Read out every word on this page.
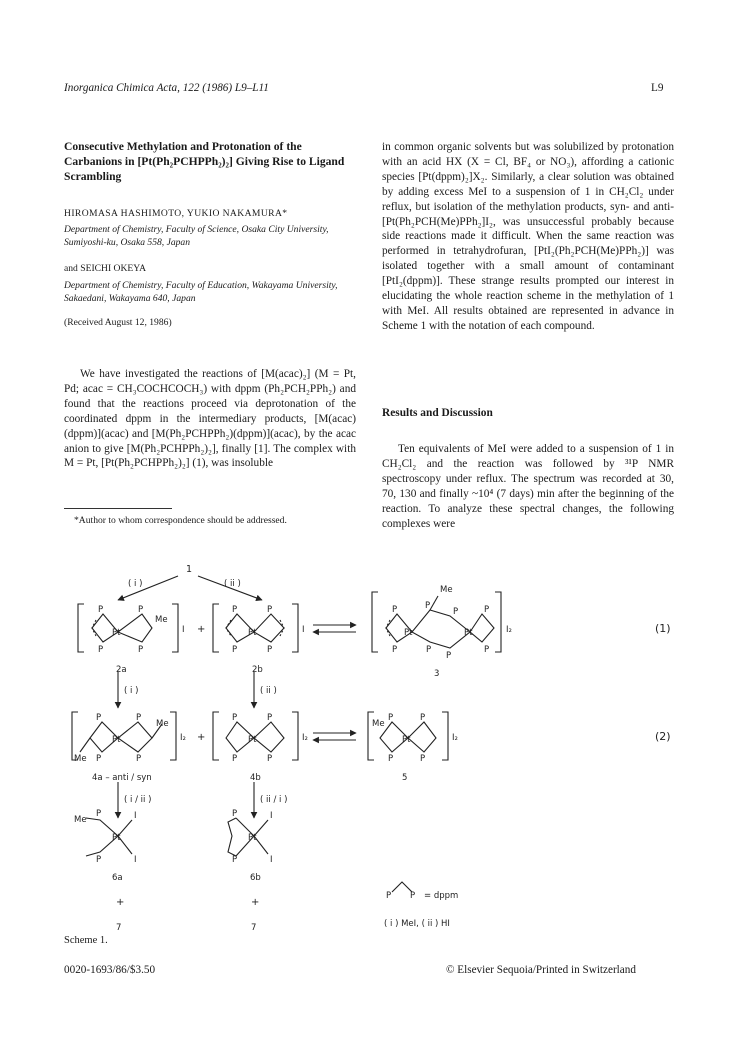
Inorganica Chimica Acta, 122 (1986) L9–L11	L9

Consecutive Methylation and Protonation of the Carbanions in [Pt(Ph₂PCHPPh₂)₂] Giving Rise to Ligand Scrambling

HIROMASA HASHIMOTO, YUKIO NAKAMURA*
Department of Chemistry, Faculty of Science, Osaka City University, Sumiyoshi-ku, Osaka 558, Japan
and SEICHI OKEYA
Department of Chemistry, Faculty of Education, Wakayama University, Sakaedani, Wakayama 640, Japan
(Received August 12, 1986)

We have investigated the reactions of [M(acac)₂] (M = Pt, Pd; acac = CH₃COCHCOCH₃) with dppm (Ph₂PCH₂PPh₂) and found that the reactions proceed via deprotonation of the coordinated dppm in the intermediary products, [M(acac)(dppm)](acac) and [M(Ph₂PCHPPh₂)(dppm)](acac), by the acac anion to give [M(Ph₂PCHPPh₂)₂], finally [1]. The complex with M = Pt, [Pt(Ph₂PCHPPh₂)₂] (1), was insoluble

*Author to whom correspondence should be addressed.

in common organic solvents but was solubilized by protonation with an acid HX (X = Cl, BF₄ or NO₃), affording a cationic species [Pt(dppm)₂]X₂. Similarly, a clear solution was obtained by adding excess MeI to a suspension of 1 in CH₂Cl₂ under reflux, but isolation of the methylation products, syn- and anti-[Pt(Ph₂PCH(Me)PPh₂]I₂, was unsuccessful probably because side reactions made it difficult. When the same reaction was performed in tetrahydrofuran, [PtI₂(Ph₂PCH(Me)PPh₂)] was isolated together with a small amount of contaminant [PtI₂(dppm)]. These strange results prompted our interest in elucidating the whole reaction scheme in the methylation of 1 with MeI. All results obtained are represented in advance in Scheme 1 with the notation of each compound.

Results and Discussion

Ten equivalents of MeI were added to a suspension of 1 in CH₂Cl₂ and the reaction was followed by ³¹P NMR spectroscopy under reflux. The spectrum was recorded at 30, 70, 130 and finally ~10⁴ (7 days) min after the beginning of the reaction. To analyze these spectral changes, the following complexes were

1
( i )	( ii )
P	P
Pt
P	P
Me
I +
2a
P	P
Pt
P	P
I
2b
Me
P	P
P	P
Pt	Pt
P	P
P
P
I₂
3
(1)
( i )	( ii )
P	P
Pt
P	P
Me
Me
I₂ +
4a – anti / syn
P	P
Pt
P	P
I₂
4b
Me
P	P
Pt
P	P
I₂
5
(2)
( i / ii )	( ii / i )
Me
P
Pt
P
I
I
6a
+
7
P
Pt
P
I
I
6b
+
7
P P = dppm
( i ) MeI, ( ii ) HI
Scheme 1.
0020-1693/86/$3.50	© Elsevier Sequoia/Printed in Switzerland
